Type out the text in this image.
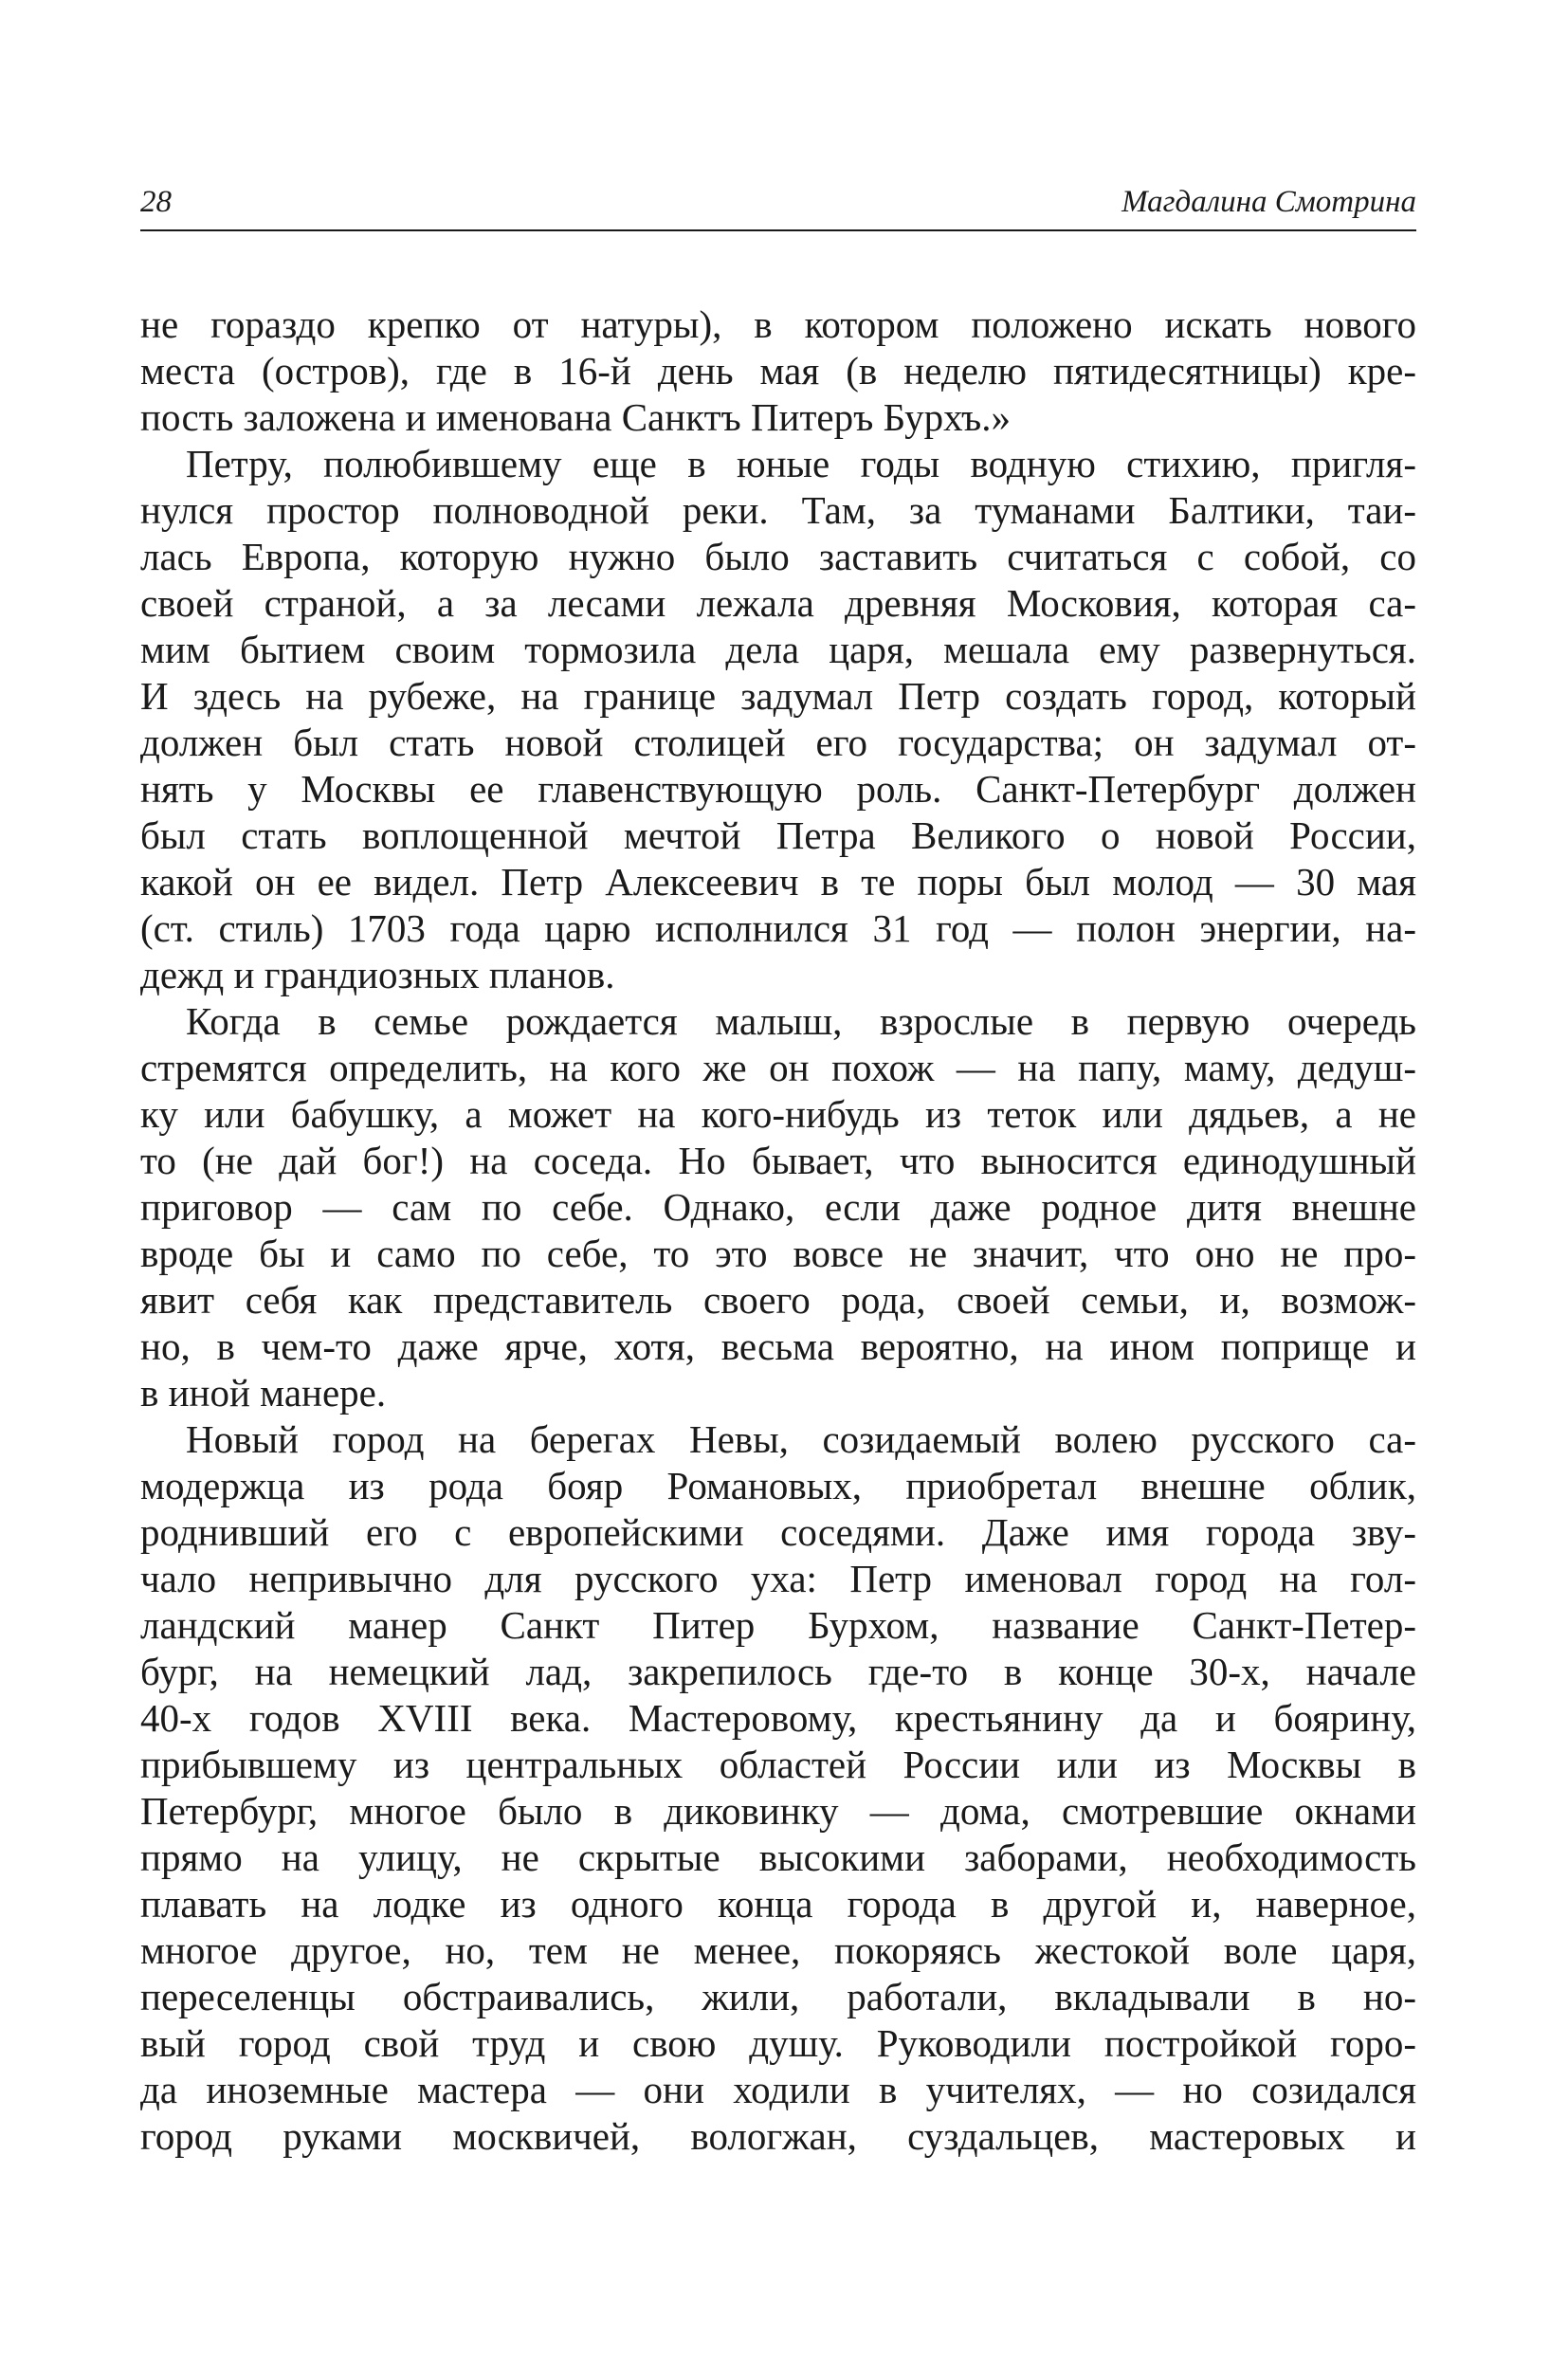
28	Магдалина Смотрина
не гораздо крепко от натуры), в котором положено искать нового
места (остров), где в 16-й день мая (в неделю пятидесятницы) кре-
пость заложена и именована Санктъ Питеръ Бурхъ.»
Петру, полюбившему еще в юные годы водную стихию, пригля-
нулся простор полноводной реки. Там, за туманами Балтики, таи-
лась Европа, которую нужно было заставить считаться с собой, со
своей страной, а за лесами лежала древняя Московия, которая са-
мим бытием своим тормозила дела царя, мешала ему развернуться.
И здесь на рубеже, на границе задумал Петр создать город, который
должен был стать новой столицей его государства; он задумал от-
нять у Москвы ее главенствующую роль. Санкт-Петербург должен
был стать воплощенной мечтой Петра Великого о новой России,
какой он ее видел. Петр Алексеевич в те поры был молод — 30 мая
(ст. стиль) 1703 года царю исполнился 31 год — полон энергии, на-
дежд и грандиозных планов.
Когда в семье рождается малыш, взрослые в первую очередь
стремятся определить, на кого же он похож — на папу, маму, дедуш-
ку или бабушку, а может на кого-нибудь из теток или дядьев, а не
то (не дай бог!) на соседа. Но бывает, что выносится единодушный
приговор — сам по себе. Однако, если даже родное дитя внешне
вроде бы и само по себе, то это вовсе не значит, что оно не про-
явит себя как представитель своего рода, своей семьи, и, возмож-
но, в чем-то даже ярче, хотя, весьма вероятно, на ином поприще и
в иной манере.
Новый город на берегах Невы, созидаемый волею русского са-
модержца из рода бояр Романовых, приобретал внешне облик,
роднивший его с европейскими соседями. Даже имя города зву-
чало непривычно для русского уха: Петр именовал город на гол-
ландский манер Санкт Питер Бурхом, название Санкт-Петер-
бург, на немецкий лад, закрепилось где-то в конце 30-х, начале
40-х годов XVIII века. Мастеровому, крестьянину да и боярину,
прибывшему из центральных областей России или из Москвы в
Петербург, многое было в диковинку — дома, смотревшие окнами
прямо на улицу, не скрытые высокими заборами, необходимость
плавать на лодке из одного конца города в другой и, наверное,
многое другое, но, тем не менее, покоряясь жестокой воле царя,
переселенцы обстраивались, жили, работали, вкладывали в но-
вый город свой труд и свою душу. Руководили постройкой горо-
да иноземные мастера — они ходили в учителях, — но созидался
город руками москвичей, вологжан, суздальцев, мастеровых и
